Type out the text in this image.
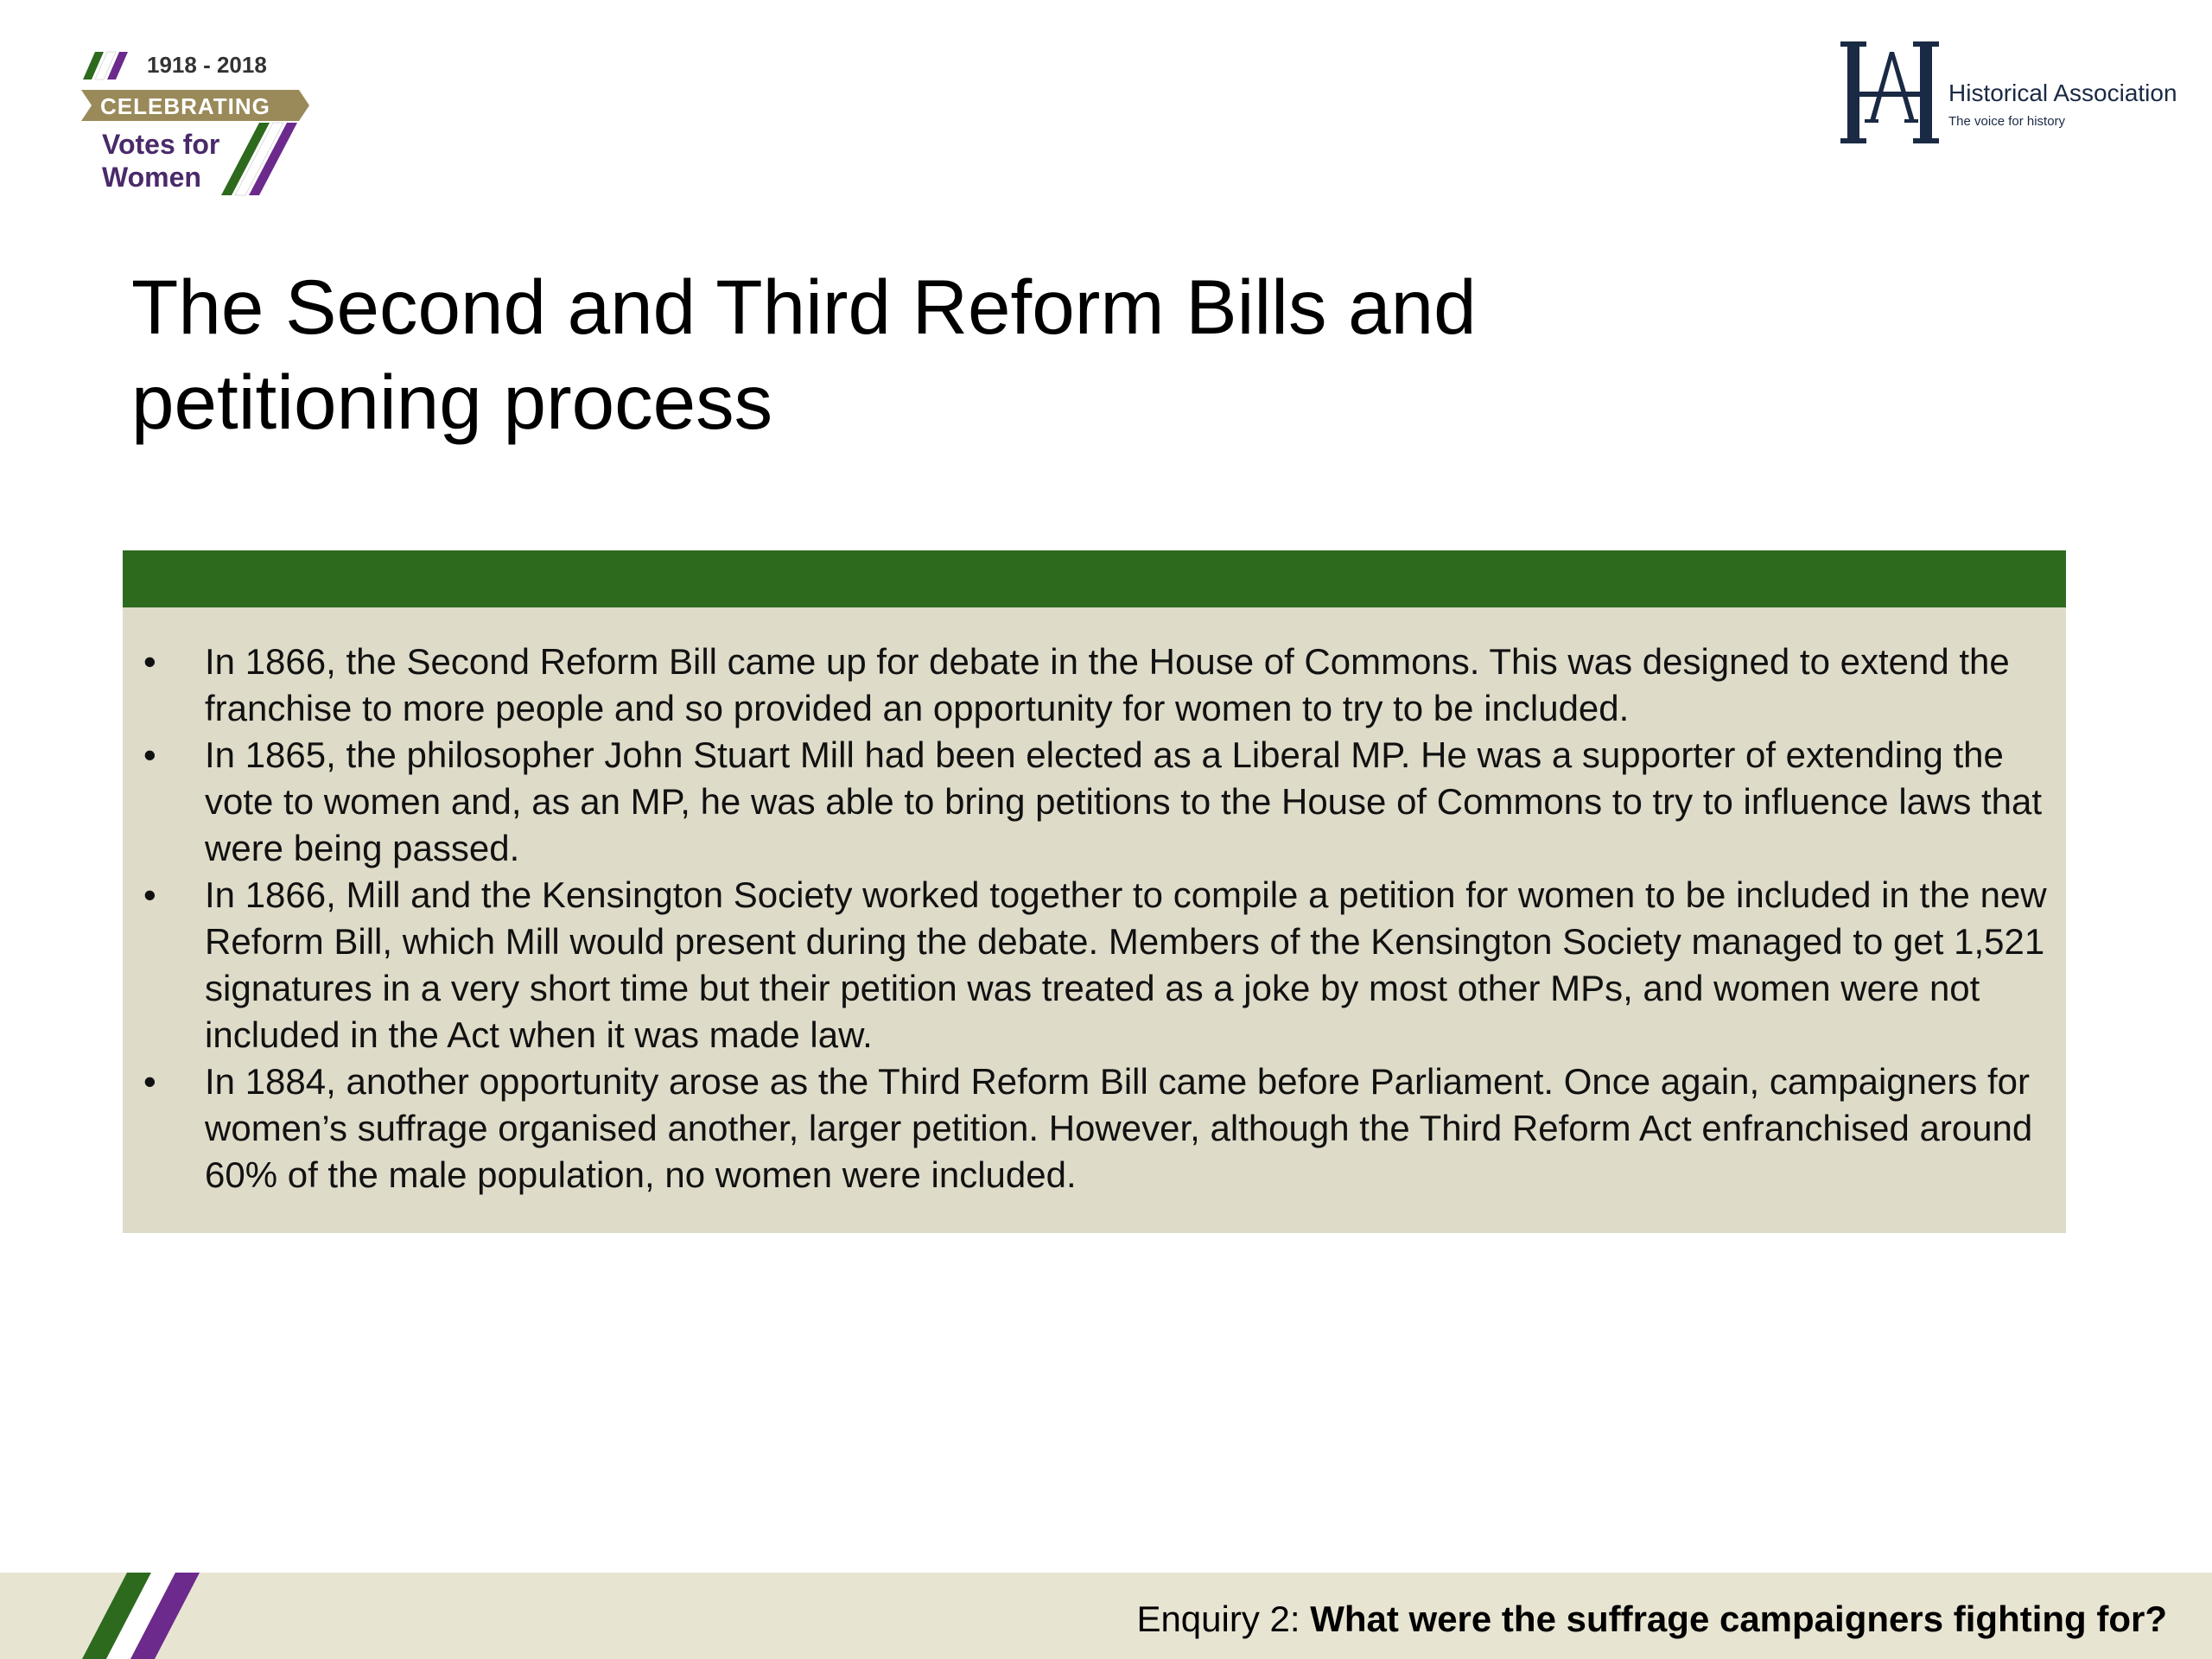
1918 - 2018
CELEBRATING
Votes for
Women
Historical Association
The voice for history
The Second and Third Reform Bills and
petitioning process
• In 1866, the Second Reform Bill came up for debate in the House of Commons. This was designed to extend the franchise to more people and so provided an opportunity for women to try to be included.
• In 1865, the philosopher John Stuart Mill had been elected as a Liberal MP. He was a supporter of extending the vote to women and, as an MP, he was able to bring petitions to the House of Commons to try to influence laws that were being passed.
• In 1866, Mill and the Kensington Society worked together to compile a petition for women to be included in the new Reform Bill, which Mill would present during the debate. Members of the Kensington Society managed to get 1,521 signatures in a very short time but their petition was treated as a joke by most other MPs, and women were not included in the Act when it was made law.
• In 1884, another opportunity arose as the Third Reform Bill came before Parliament. Once again, campaigners for women’s suffrage organised another, larger petition. However, although the Third Reform Act enfranchised around 60% of the male population, no women were included.
Enquiry 2: What were the suffrage campaigners fighting for?
